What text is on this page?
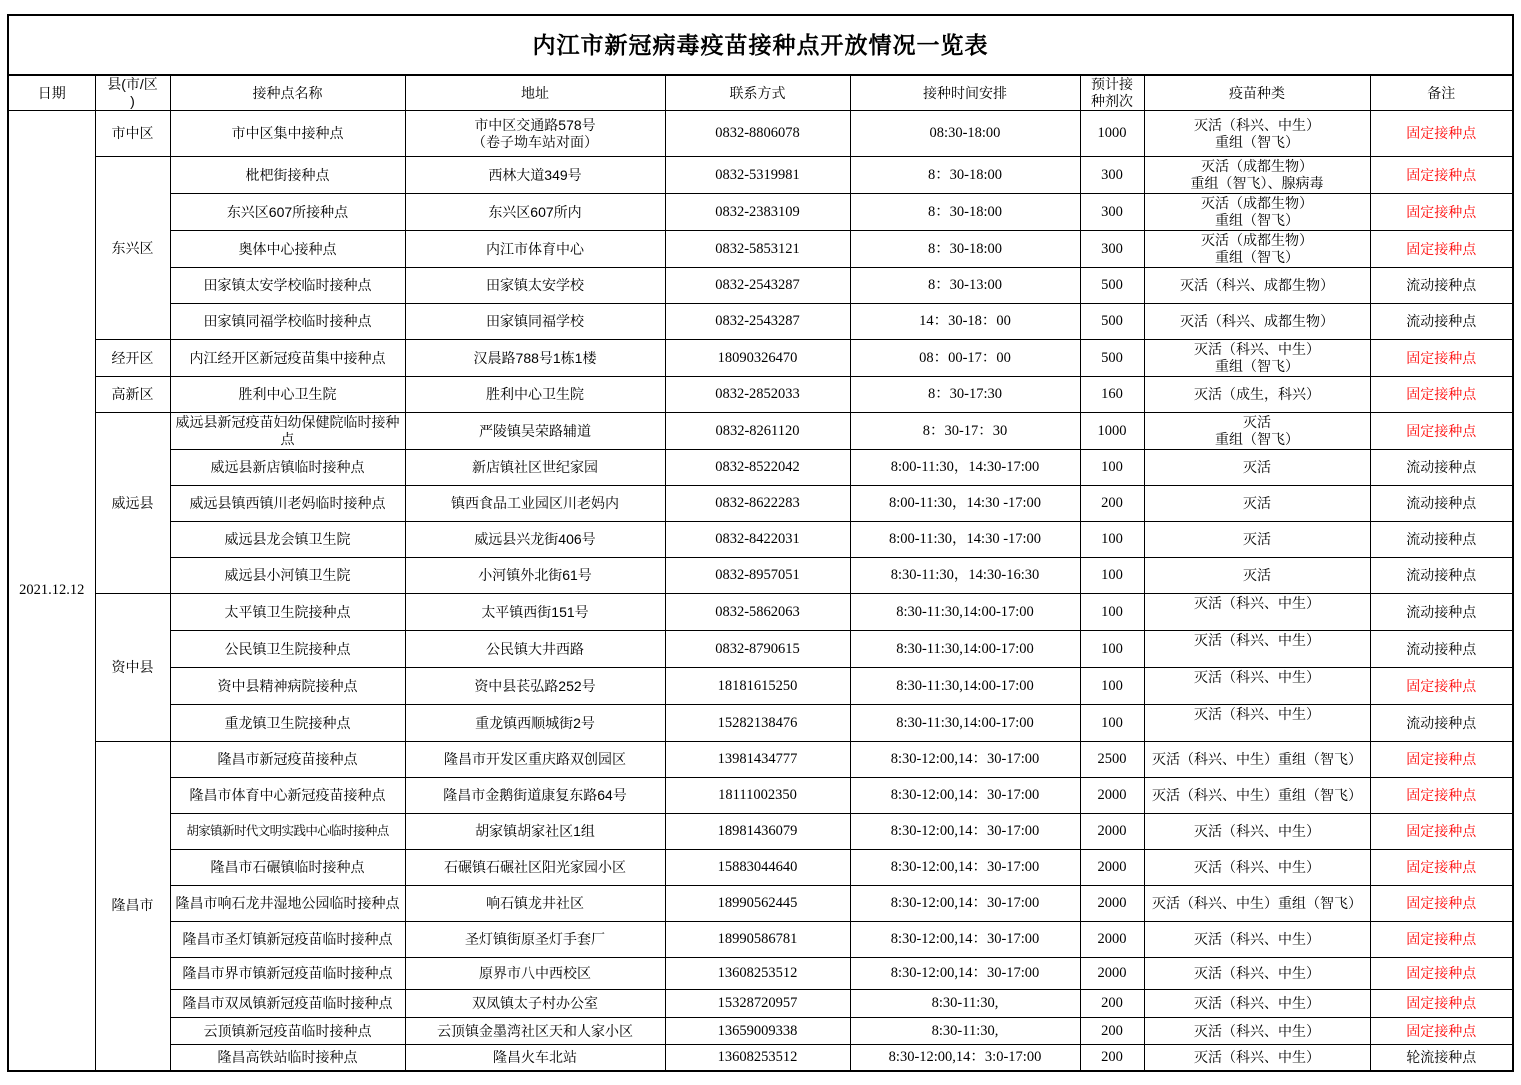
内江市新冠病毒疫苗接种点开放情况一览表								
日期	县(市/区
)	接种点名称	地址	联系方式	接种时间安排	预计接
种剂次	疫苗种类	备注
2021.12.12	市中区	市中区集中接种点	市中区交通路578号
（卷子坳车站对面）	0832-8806078	08:30-18:00	1000	灭活（科兴、中生）
重组（智飞）	固定接种点
	东兴区	枇杷街接种点	西林大道349号	0832-5319981	8：30-18:00	300	灭活（成都生物）
重组（智飞）、腺病毒	固定接种点
		东兴区607所接种点	东兴区607所内	0832-2383109	8：30-18:00	300	灭活（成都生物）
重组（智飞）	固定接种点
		奥体中心接种点	内江市体育中心	0832-5853121	8：30-18:00	300	灭活（成都生物）
重组（智飞）	固定接种点
		田家镇太安学校临时接种点	田家镇太安学校	0832-2543287	8：30-13:00	500	灭活（科兴、成都生物）	流动接种点
		田家镇同福学校临时接种点	田家镇同福学校	0832-2543287	14：30-18：00	500	灭活（科兴、成都生物）	流动接种点
	经开区	内江经开区新冠疫苗集中接种点	汉晨路788号1栋1楼	18090326470	08：00-17：00	500	灭活（科兴、中生）
重组（智飞）	固定接种点
	高新区	胜利中心卫生院	胜利中心卫生院	0832-2852033	8：30-17:30	160	灭活（成生，科兴）	固定接种点
	威远县	威远县新冠疫苗妇幼保健院临时接种
点	严陵镇吴荣路辅道	0832-8261120	8：30-17：30	1000	灭活
重组（智飞）	固定接种点
		威远县新店镇临时接种点	新店镇社区世纪家园	0832-8522042	8:00-11:30，14:30-17:00	100	灭活	流动接种点
		威远县镇西镇川老妈临时接种点	镇西食品工业园区川老妈内	0832-8622283	8:00-11:30，14:30 -17:00	200	灭活	流动接种点
		威远县龙会镇卫生院	威远县兴龙街406号	0832-8422031	8:00-11:30，14:30 -17:00	100	灭活	流动接种点
		威远县小河镇卫生院	小河镇外北街61号	0832-8957051	8:30-11:30，14:30-16:30	100	灭活	流动接种点
	资中县	太平镇卫生院接种点	太平镇西街151号	0832-5862063	8:30-11:30,14:00-17:00	100	灭活（科兴、中生）	流动接种点
		公民镇卫生院接种点	公民镇大井西路	0832-8790615	8:30-11:30,14:00-17:00	100	灭活（科兴、中生）	流动接种点
		资中县精神病院接种点	资中县苌弘路252号	18181615250	8:30-11:30,14:00-17:00	100	灭活（科兴、中生）	固定接种点
		重龙镇卫生院接种点	重龙镇西顺城街2号	15282138476	8:30-11:30,14:00-17:00	100	灭活（科兴、中生）	流动接种点
	隆昌市	隆昌市新冠疫苗接种点	隆昌市开发区重庆路双创园区	13981434777	8:30-12:00,14：30-17:00	2500	灭活（科兴、中生）重组（智飞）	固定接种点
		隆昌市体育中心新冠疫苗接种点	隆昌市金鹅街道康复东路64号	18111002350	8:30-12:00,14：30-17:00	2000	灭活（科兴、中生）重组（智飞）	固定接种点
		胡家镇新时代文明实践中心临时接种点	胡家镇胡家社区1组	18981436079	8:30-12:00,14：30-17:00	2000	灭活（科兴、中生）	固定接种点
		隆昌市石碾镇临时接种点	石碾镇石碾社区阳光家园小区	15883044640	8:30-12:00,14：30-17:00	2000	灭活（科兴、中生）	固定接种点
		隆昌市响石龙井湿地公园临时接种点	响石镇龙井社区	18990562445	8:30-12:00,14：30-17:00	2000	灭活（科兴、中生）重组（智飞）	固定接种点
		隆昌市圣灯镇新冠疫苗临时接种点	圣灯镇街原圣灯手套厂	18990586781	8:30-12:00,14：30-17:00	2000	灭活（科兴、中生）	固定接种点
		隆昌市界市镇新冠疫苗临时接种点	原界市八中西校区	13608253512	8:30-12:00,14：30-17:00	2000	灭活（科兴、中生）	固定接种点
		隆昌市双凤镇新冠疫苗临时接种点	双凤镇太子村办公室	15328720957	8:30-11:30,	200	灭活（科兴、中生）	固定接种点
		云顶镇新冠疫苗临时接种点	云顶镇金墨湾社区天和人家小区	13659009338	8:30-11:30,	200	灭活（科兴、中生）	固定接种点
		隆昌高铁站临时接种点	隆昌火车北站	13608253512	8:30-12:00,14：3:0-17:00	200	灭活（科兴、中生）	轮流接种点
